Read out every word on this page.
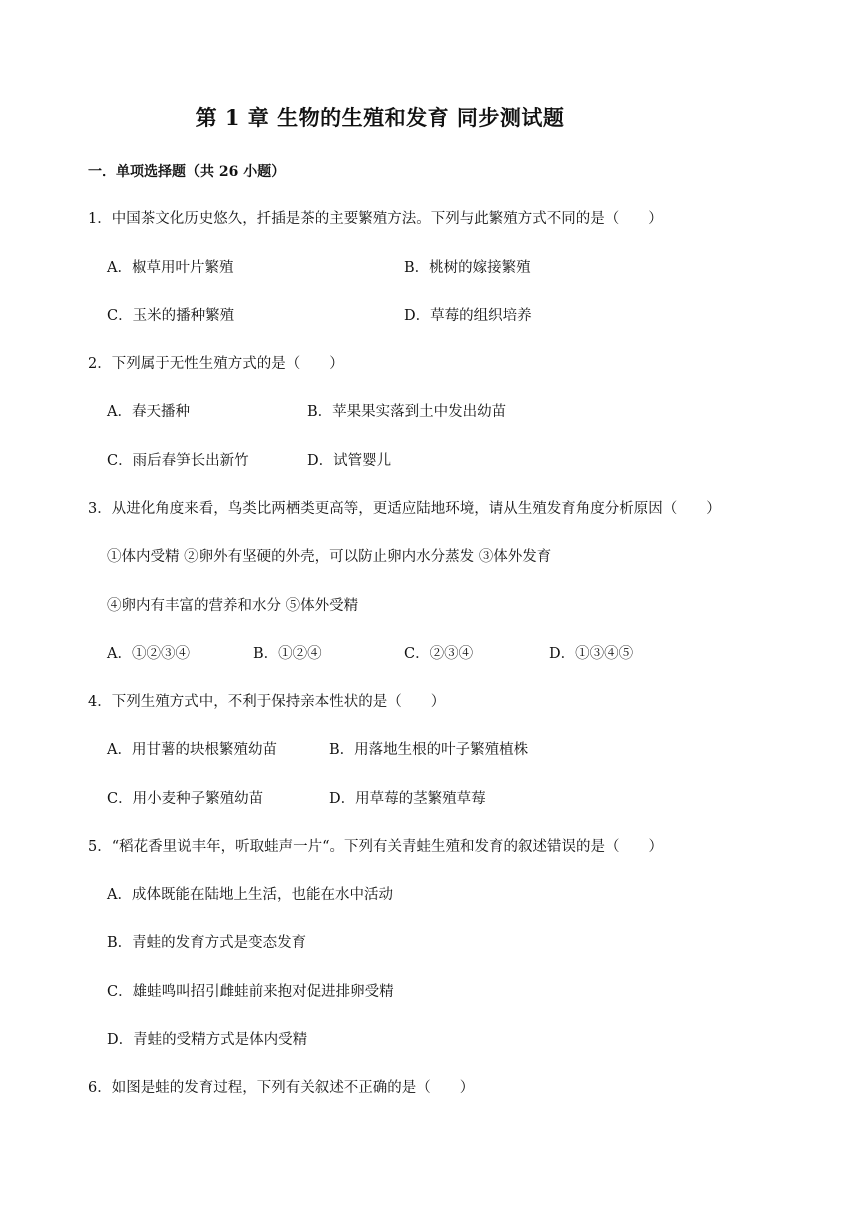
第 1 章 生物的生殖和发育 同步测试题
一．单项选择题（共 26 小题）
1．中国茶文化历史悠久，扦插是茶的主要繁殖方法。下列与此繁殖方式不同的是（　　）
A．椒草用叶片繁殖	B．桃树的嫁接繁殖
C．玉米的播种繁殖	D．草莓的组织培养
2．下列属于无性生殖方式的是（　　）
A．春天播种	B．苹果果实落到土中发出幼苗
C．雨后春笋长出新竹	D．试管婴儿
3．从进化角度来看，鸟类比两栖类更高等，更适应陆地环境，请从生殖发育角度分析原因（　　）
①体内受精 ②卵外有坚硬的外壳，可以防止卵内水分蒸发 ③体外发育
④卵内有丰富的营养和水分 ⑤体外受精
A．①②③④	B．①②④	C．②③④	D．①③④⑤
4．下列生殖方式中，不利于保持亲本性状的是（　　）
A．用甘薯的块根繁殖幼苗	B．用落地生根的叶子繁殖植株
C．用小麦种子繁殖幼苗	D．用草莓的茎繁殖草莓
5．“稻花香里说丰年，听取蛙声一片“。下列有关青蛙生殖和发育的叙述错误的是（　　）
A．成体既能在陆地上生活，也能在水中活动
B．青蛙的发育方式是变态发育
C．雄蛙鸣叫招引雌蛙前来抱对促进排卵受精
D．青蛙的受精方式是体内受精
6．如图是蛙的发育过程，下列有关叙述不正确的是（　　）
